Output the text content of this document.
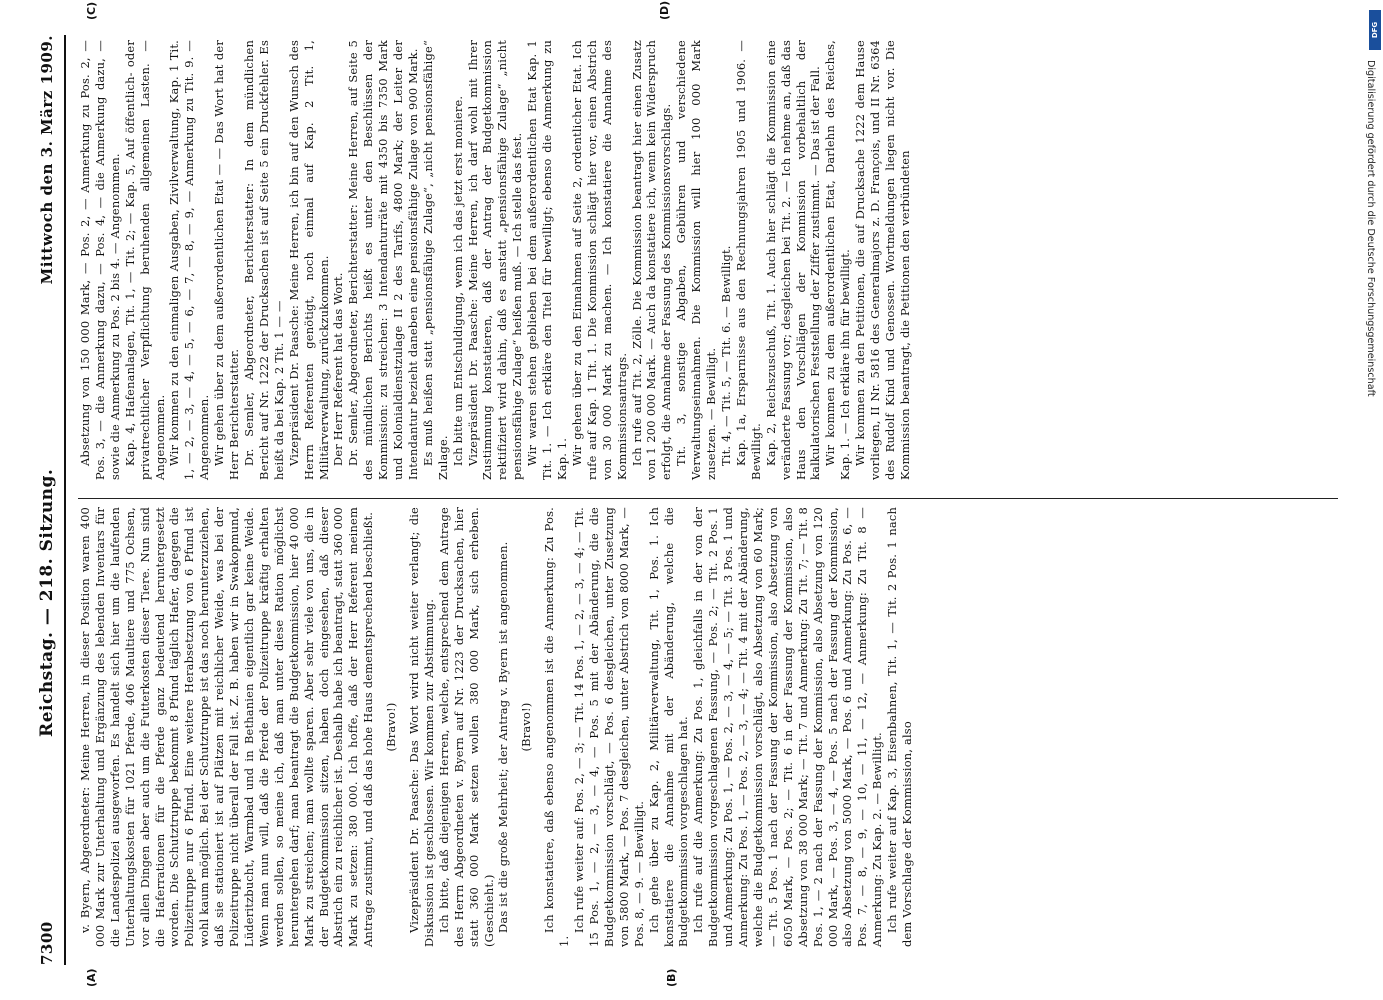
7300
Reichstag. — 218. Sitzung.
Mittwoch den 3. März 1909.
(A)	(B)
(C)	(D)

v. Byern, Abgeordneter: Meine Herren, in dieser Position waren 400 000 Mark zur Unterhaltung und Ergänzung des lebenden Inventars für die Landespolizei ausgeworfen. Es handelt sich hier um die laufenden Unterhaltungskosten für 1021 Pferde, 406 Maultiere und 775 Ochsen, vor allen Dingen aber auch um die Futterkosten dieser Tiere. Nun sind die Haferrationen für die Pferde ganz bedeutend heruntergesetzt worden. Die Schutztruppe bekommt 8 Pfund täglich Hafer, dagegen die Polizeitruppe nur 6 Pfund. Eine weitere Herabsetzung von 6 Pfund ist wohl kaum möglich. Bei der Schutztruppe ist das noch herunterzuziehen, daß sie stationiert ist auf Plätzen mit reichlicher Weide, was bei der Polizeitruppe nicht überall der Fall ist. Z. B. haben wir in Swakopmund, Lüderitzbucht, Warmbad und in Bethanien eigentlich gar keine Weide. Wenn man nun will, daß die Pferde der Polizeitruppe kräftig erhalten werden sollen, so meine ich, daß man unter diese Ration möglichst heruntergehen darf; man beantragt die Budgetkommission, hier 40 000 Mark zu streichen; man wollte sparen. Aber sehr viele von uns, die in der Budgetkommission sitzen, haben doch eingesehen, daß dieser Abstrich ein zu reichlicher ist. Deshalb habe ich beantragt, statt 360 000 Mark zu setzen: 380 000. Ich hoffe, daß der Herr Referent meinem Antrage zustimmt, und daß das hohe Haus dementsprechend beschließt. (Bravo!) Vizepräsident Dr. Paasche: Das Wort wird nicht weiter verlangt; die Diskussion ist geschlossen. Wir kommen zur Abstimmung. Ich bitte, daß diejenigen Herren, welche, entsprechend dem Antrage des Herrn Abgeordneten v. Byern auf Nr. 1223 der Drucksachen, hier statt 360 000 Mark setzen wollen 380 000 Mark, sich erheben. (Geschieht.) Das ist die große Mehrheit; der Antrag v. Byern ist angenommen. (Bravo!) Ich konstatiere, daß ebenso angenommen ist die Anmerkung: Zu Pos. 1.

Ich rufe weiter auf: Pos. 2, — 3; — Tit. 14 Pos. 1, — 2, — 3, — 4; — Tit. 15 Pos. 1, — 2, — 3, — 4, — Pos. 5 mit der Abänderung, die die Budgetkommission vorschlägt, — Pos. 6 desgleichen, unter Zusetzung von 5800 Mark, — Pos. 7 desgleichen, unter Abstrich von 8000 Mark, — Pos. 8, — 9. — Bewilligt. Ich gehe über zu Kap. 2, Militärverwaltung, Tit. 1, Pos. 1. Ich konstatiere die Annahme mit der Abänderung, welche die Budgetkommission vorgeschlagen hat. Ich rufe auf die Anmerkung: Zu Pos. 1, gleichfalls in der von der Budgetkommission vorgeschlagenen Fassung, — Pos. 2; — Tit. 2 Pos. 1 und Anmerkung: Zu Pos. 1, — Pos. 2, — 3, — 4, — 5; — Tit. 3 Pos. 1 und Anmerkung: Zu Pos. 1, — Pos. 2, — 3, — 4; — Tit. 4 mit der Abänderung, welche die Budgetkommission vorschlägt, also Absetzung von 60 Mark; — Tit. 5 Pos. 1 nach der Fassung der Kommission, also Absetzung von 6050 Mark, — Pos. 2; — Tit. 6 in der Fassung der Kommission, also Absetzung von 38 000 Mark; — Tit. 7 und Anmerkung: Zu Tit. 7; — Tit. 8 Pos. 1, — 2 nach der Fassung der Kommission, also Absetzung von 120 000 Mark, — Pos. 3, — 4, — Pos. 5 nach der Fassung der Kommission, also Absetzung von 5000 Mark, — Pos. 6 und Anmerkung: Zu Pos. 6, — Pos. 7, — 8, — 9, — 10, — 11, — 12, — Anmerkung: Zu Tit. 8 — Anmerkung: Zu Kap. 2. — Bewilligt. Ich rufe weiter auf Kap. 3, Eisenbahnen, Tit. 1, — Tit. 2 Pos. 1 nach dem Vorschlage der Kommission, also

Absetzung von 150 000 Mark, — Pos. 2, — Anmerkung zu Pos. 2, — Pos. 3, — die Anmerkung dazu, — Pos. 4, — die Anmerkung dazu, — sowie die Anmerkung zu Pos. 2 bis 4. — Angenommen. Kap. 4, Hafenanlagen, Tit. 1, — Tit. 2; — Kap. 5, Auf öffentlich- oder privatrechtlicher Verpflichtung beruhenden allgemeinen Lasten. — Angenommen. Wir kommen zu den einmaligen Ausgaben, Zivilverwaltung, Kap. 1 Tit. 1, — 2, — 3, — 4, — 5, — 6, — 7, — 8, — 9, — Anmerkung zu Tit. 9. — Angenommen. Wir gehen über zu dem außerordentlichen Etat — — Das Wort hat der Herr Berichterstatter. Dr. Semler, Abgeordneter, Berichterstatter: In dem mündlichen Bericht auf Nr. 1222 der Drucksachen ist auf Seite 5 ein Druckfehler. Es heißt da bei Kap. 2 Tit. 1 — — Vizepräsident Dr. Paasche: Meine Herren, ich bin auf den Wunsch des Herrn Referenten genötigt, noch einmal auf Kap. 2 Tit. 1, Militärverwaltung, zurückzukommen. Der Herr Referent hat das Wort. Dr. Semler, Abgeordneter, Berichterstatter: Meine Herren, auf Seite 5 des mündlichen Berichts heißt es unter den Beschlüssen der Kommission: zu streichen: 3 Intendanturräte mit 4350 bis 7350 Mark und Kolonialdienstzulage II 2 des Tarifs, 4800 Mark; der Leiter der Intendantur bezieht daneben eine pensionsfähige Zulage von 900 Mark. Es muß heißen statt „pensionsfähige Zulage“, „nicht pensionsfähige“ Zulage. Ich bitte um Entschuldigung, wenn ich das jetzt erst moniere. Vizepräsident Dr. Paasche: Meine Herren, ich darf wohl mit Ihrer Zustimmung konstatieren, daß der Antrag der Budgetkommission rektifiziert wird dahin, daß es anstatt „pensionsfähige Zulage“ „nicht pensionsfähige Zulage“ heißen muß. — Ich stelle das fest. Wir waren stehen geblieben bei dem außerordentlichen Etat Kap. 1 Tit. 1. — Ich erkläre den Titel für bewilligt; ebenso die Anmerkung zu Kap. 1. Wir gehen über zu den Einnahmen auf Seite 2, ordentlicher Etat. Ich rufe auf Kap. 1 Tit. 1. Die Kommission schlägt hier vor, einen Abstrich von 30 000 Mark zu machen. — Ich konstatiere die Annahme des Kommissionsantrags. Ich rufe auf Tit. 2, Zölle. Die Kommission beantragt hier einen Zusatz von 1 200 000 Mark. — Auch da konstatiere ich, wenn kein Widerspruch erfolgt, die Annahme der Fassung des Kommissionsvorschlags. Tit. 3, sonstige Abgaben, Gebühren und verschiedene Verwaltungseinnahmen. Die Kommission will hier 100 000 Mark zusetzen. — Bewilligt. Tit. 4, — Tit. 5, — Tit. 6. — Bewilligt. Kap. 1a, Ersparnisse aus den Rechnungsjahren 1905 und 1906. — Bewilligt. Kap. 2, Reichszuschuß, Tit. 1. Auch hier schlägt die Kommission eine veränderte Fassung vor; desgleichen bei Tit. 2. — Ich nehme an, daß das Haus den Vorschlägen der Kommission vorbehaltlich der kalkulatorischen Feststellung der Ziffer zustimmt. — Das ist der Fall. Wir kommen zu dem außerordentlichen Etat, Darlehn des Reiches, Kap. 1. — Ich erkläre ihn für bewilligt. Wir kommen zu den Petitionen, die auf Drucksache 1222 dem Hause vorliegen, II Nr. 5816 des Generalmajors z. D. François, und II Nr. 6364 des Rudolf Kind und Genossen. Wortmeldungen liegen nicht vor. Die Kommission beantragt, die Petitionen den verbündeten

DFG
Digitalisierung gefördert durch die Deutsche Forschungsgemeinschaft
